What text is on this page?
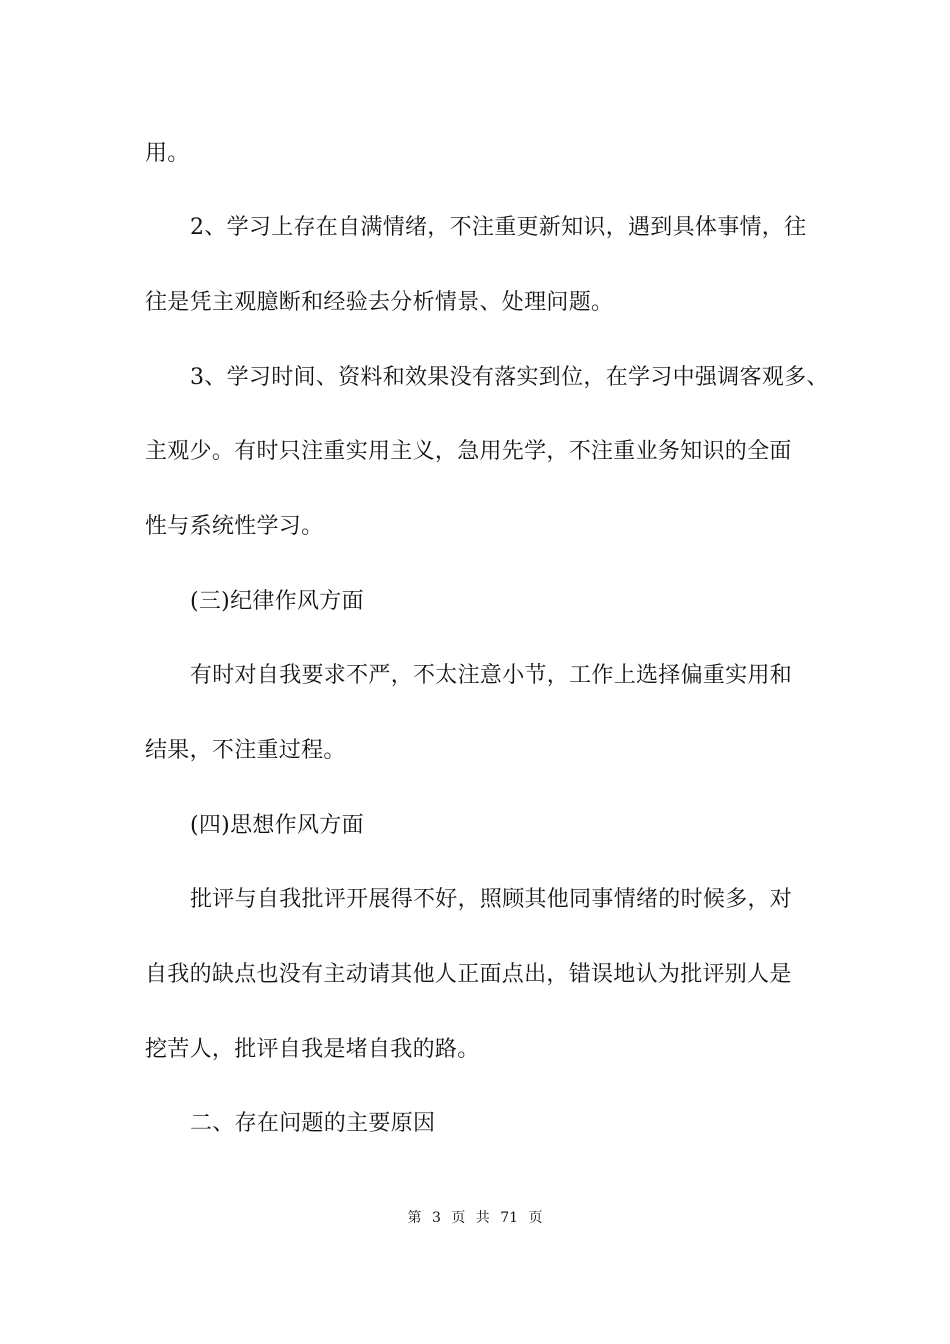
用。
2、学习上存在自满情绪，不注重更新知识，遇到具体事情，往
往是凭主观臆断和经验去分析情景、处理问题。
3、学习时间、资料和效果没有落实到位，在学习中强调客观多、
主观少。有时只注重实用主义，急用先学，不注重业务知识的全面
性与系统性学习。
(三)纪律作风方面
有时对自我要求不严，不太注意小节，工作上选择偏重实用和
结果，不注重过程。
(四)思想作风方面
批评与自我批评开展得不好，照顾其他同事情绪的时候多，对
自我的缺点也没有主动请其他人正面点出，错误地认为批评别人是
挖苦人，批评自我是堵自我的路。
二、存在问题的主要原因
第 3 页 共 71 页
